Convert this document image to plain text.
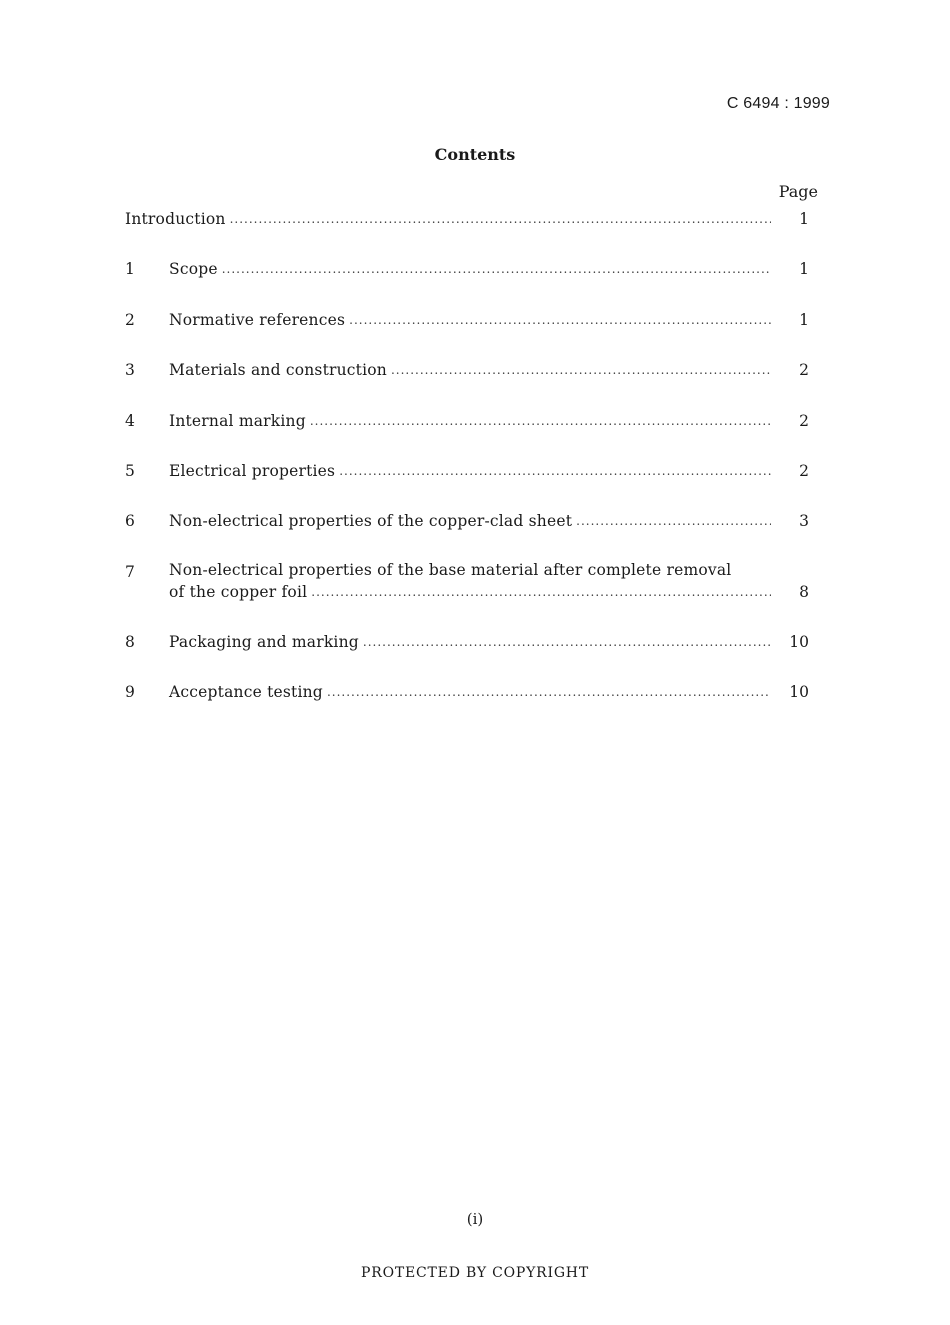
C 6494 : 1999
Contents
Page
Introduction .....	1
1	Scope .....	1
2	Normative references .....	1
3	Materials and construction .....	2
4	Internal marking .....	2
5	Electrical properties .....	2
6	Non-electrical properties of the copper-clad sheet .....	3
7	Non-electrical properties of the base material after complete removal
of the copper foil .....	8
8	Packaging and marking .....	10
9	Acceptance testing .....	10
(i)
PROTECTED BY COPYRIGHT
